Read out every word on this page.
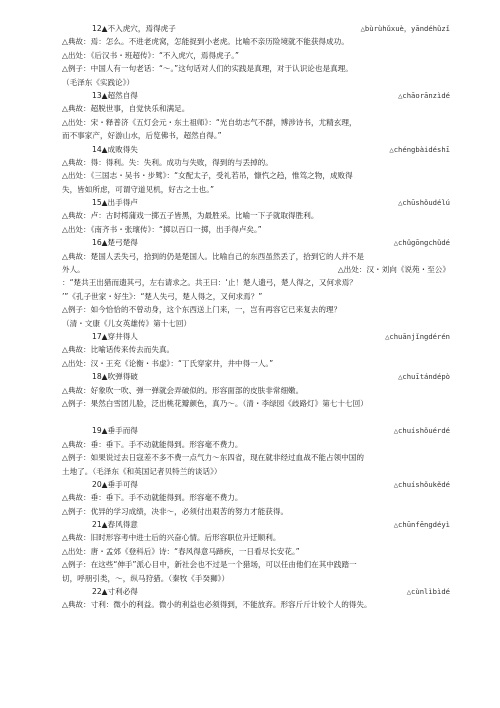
12▲不入虎穴，焉得虎子	△bùrùhǔxuè，yāndéhǔzǐ
△典故：焉：怎么。不进老虎窝，怎能捉到小老虎。比喻不亲历险境就不能获得成功。
△出处：《后汉书・班超传》：“不入虎穴，焉得虎子。”
△例子：中国人有一句老话：“～。”这句话对人们的实践是真理，对于认识论也是真理。
（毛泽东《实践论》）
13▲超然自得	△chāorānzìdé
△典故：超脱世事，自觉快乐和满足。
△出处：宋・释普济《五灯会元・东土祖师》：“光自幼志气不群，博涉诗书，尤精玄理，
而不事家产，好游山水，后览佛书，超然自得。”
14▲成败得失	△chéngbàidéshī
△典故：得：得利。失：失利。成功与失败，得到的与丢掉的。
△出处：《三国志・吴书・步骘》：“女配太子，受礼若吊，慷忾之趋，惟笃之物，成败得
失，皆如所虑，可谓守道见机，好古之士也。”
15▲出手得卢	△chūshǒudélú
△典故：卢：古时樗蒲戏一掷五子皆黑，为最胜采。比喻一下子就取得胜利。
△出处：《南齐书・张瓌传》：“掷以百口一掷，出手得卢矣。”
16▲楚弓楚得	△chǔgōngchǔdé
△典故：楚国人丢失弓，拾到的仍是楚国人。比喻自己的东西虽然丢了，拾到它的人并不是
外人。	△出处：汉・刘向《说苑・至公》
：“楚共王出猎而遗其弓，左右请求之。共王曰：‘止！楚人遗弓，楚人得之，又何求焉？
’”《孔子世家・好生》：“楚人失弓，楚人得之，又何求焉？”
△例子：如今恰恰的不曾动身，这个东西送上门来，一，岂有再容它已来复去的理？
（清・文康《儿女英雄传》第十七回）
17▲穿井得人	△chuānjǐngdérén
△典故：比喻话传来传去而失真。
△出处：汉・王充《论衡・书虚》：“丁氏穿家井，井中得一人。”
18▲吹弹得破	△chuītándépò
△典故：好象吹一吹、弹一弹就会弄破似的。形容面部的皮肤非常细嫩。
△例子：果然白雪团儿脸，泛出桃花瓣颜色，真乃～。（清・李绿园《歧路灯》第七十七回）
19▲垂手而得	△chuíshǒuérdé
△典故：垂：垂下。手不动就能得到。形容毫不费力。
△例子：如果说过去日寇差不多不费一点气力～东四省，现在就非经过血战不能占领中国的
土地了。（毛泽东《和英国记者贝特兰的谈话》）
20▲垂手可得	△chuíshǒukědé
△典故：垂：垂下。手不动就能得到。形容毫不费力。
△例子：优异的学习成绩，决非～，必须付出艰苦的努力才能获得。
21▲春风得意	△chūnfēngdéyì
△典故：旧时形容考中进士后的兴奋心情。后形容职位升迁顺利。
△出处：唐・孟郊《登科后》诗：“春风得意马蹄疾，一日看尽长安花。”
△例子：在这些“伸手”派心目中，新社会也不过是一个猎场，可以任由他们在其中践踏一
切，呼朋引类，～，纵马狩猎。（秦牧《手癸狮》）
22▲寸利必得	△cùnlìbìdé
△典故：寸利：微小的利益。微小的利益也必须得到，不能放弃。形容斤斤计较个人的得失。
